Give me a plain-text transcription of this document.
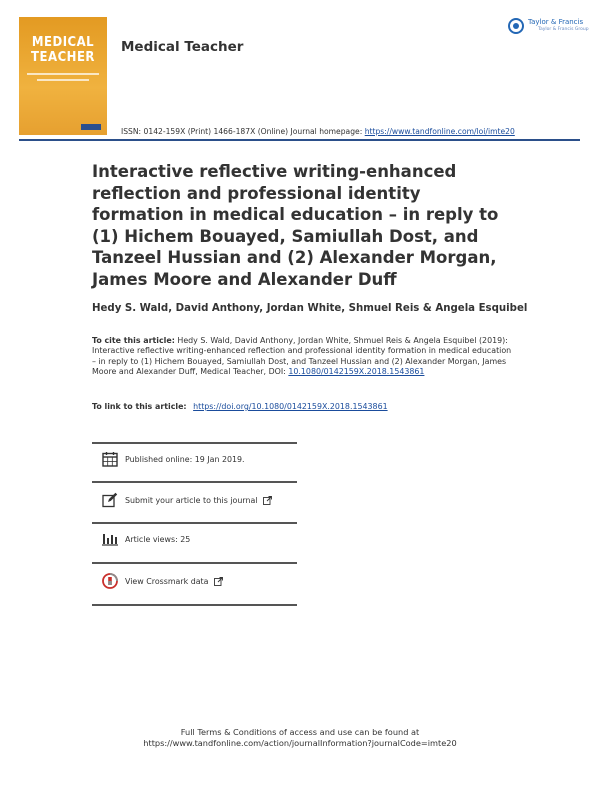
MEDICAL
TEACHER
Medical Teacher
Taylor & Francis
Taylor & Francis Group
ISSN: 0142-159X (Print) 1466-187X (Online) Journal homepage: https://www.tandfonline.com/loi/imte20
Interactive reflective writing-enhanced reflection and professional identity formation in medical education – in reply to (1) Hichem Bouayed, Samiullah Dost, and Tanzeel Hussian and (2) Alexander Morgan, James Moore and Alexander Duff
Hedy S. Wald, David Anthony, Jordan White, Shmuel Reis & Angela Esquibel
To cite this article: Hedy S. Wald, David Anthony, Jordan White, Shmuel Reis & Angela Esquibel (2019): Interactive reflective writing-enhanced reflection and professional identity formation in medical education – in reply to (1) Hichem Bouayed, Samiullah Dost, and Tanzeel Hussian and (2) Alexander Morgan, James Moore and Alexander Duff, Medical Teacher, DOI: 10.1080/0142159X.2018.1543861
To link to this article: https://doi.org/10.1080/0142159X.2018.1543861
Published online: 19 Jan 2019.
Submit your article to this journal
Article views: 25
View Crossmark data
Full Terms & Conditions of access and use can be found at
https://www.tandfonline.com/action/journalInformation?journalCode=imte20
